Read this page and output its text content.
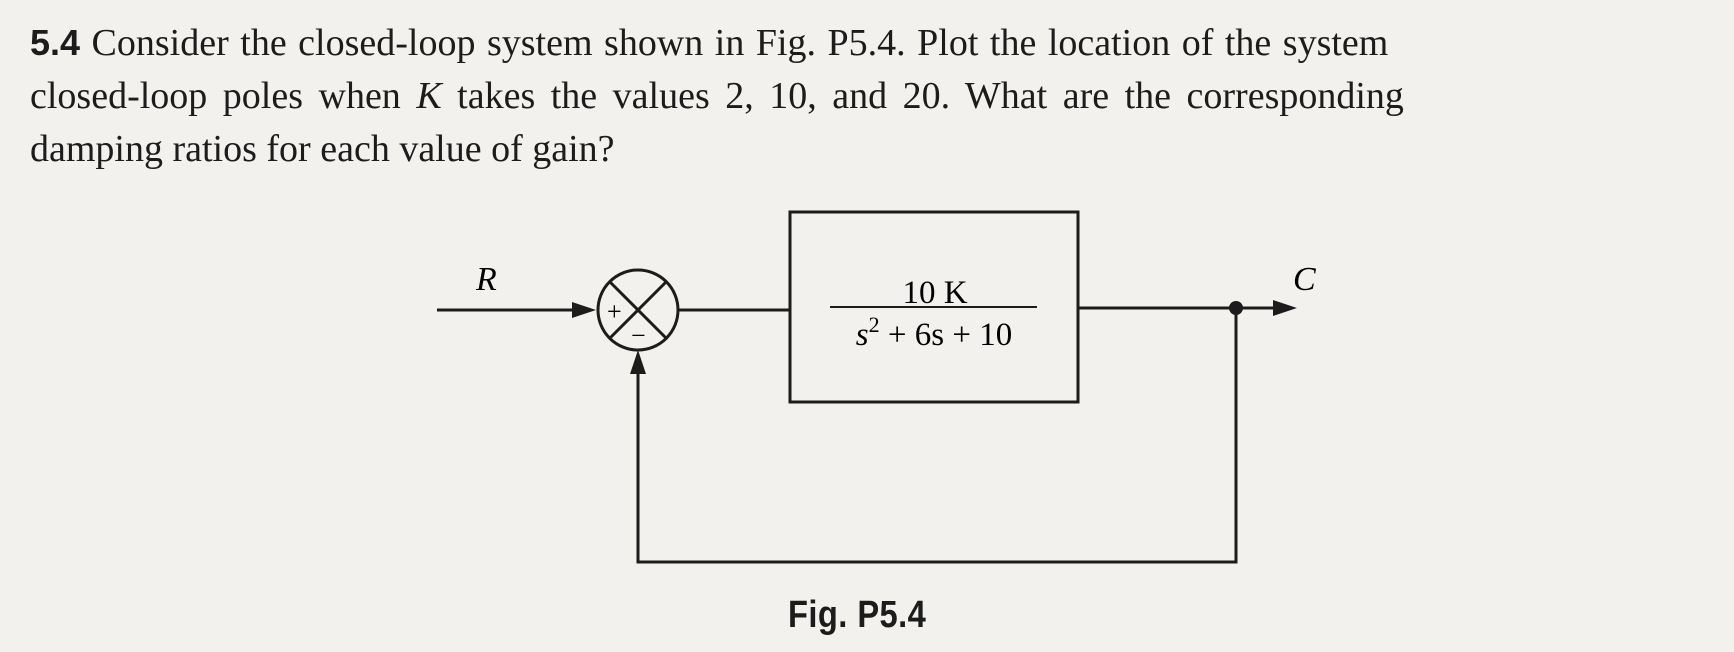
5.4 Consider the closed-loop system shown in Fig. P5.4. Plot the location of the system
closed-loop poles when K takes the values 2, 10, and 20. What are the corresponding
damping ratios for each value of gain?
R
+
−
10 K
$s^2 + 6s + 10$
C
Fig. P5.4
